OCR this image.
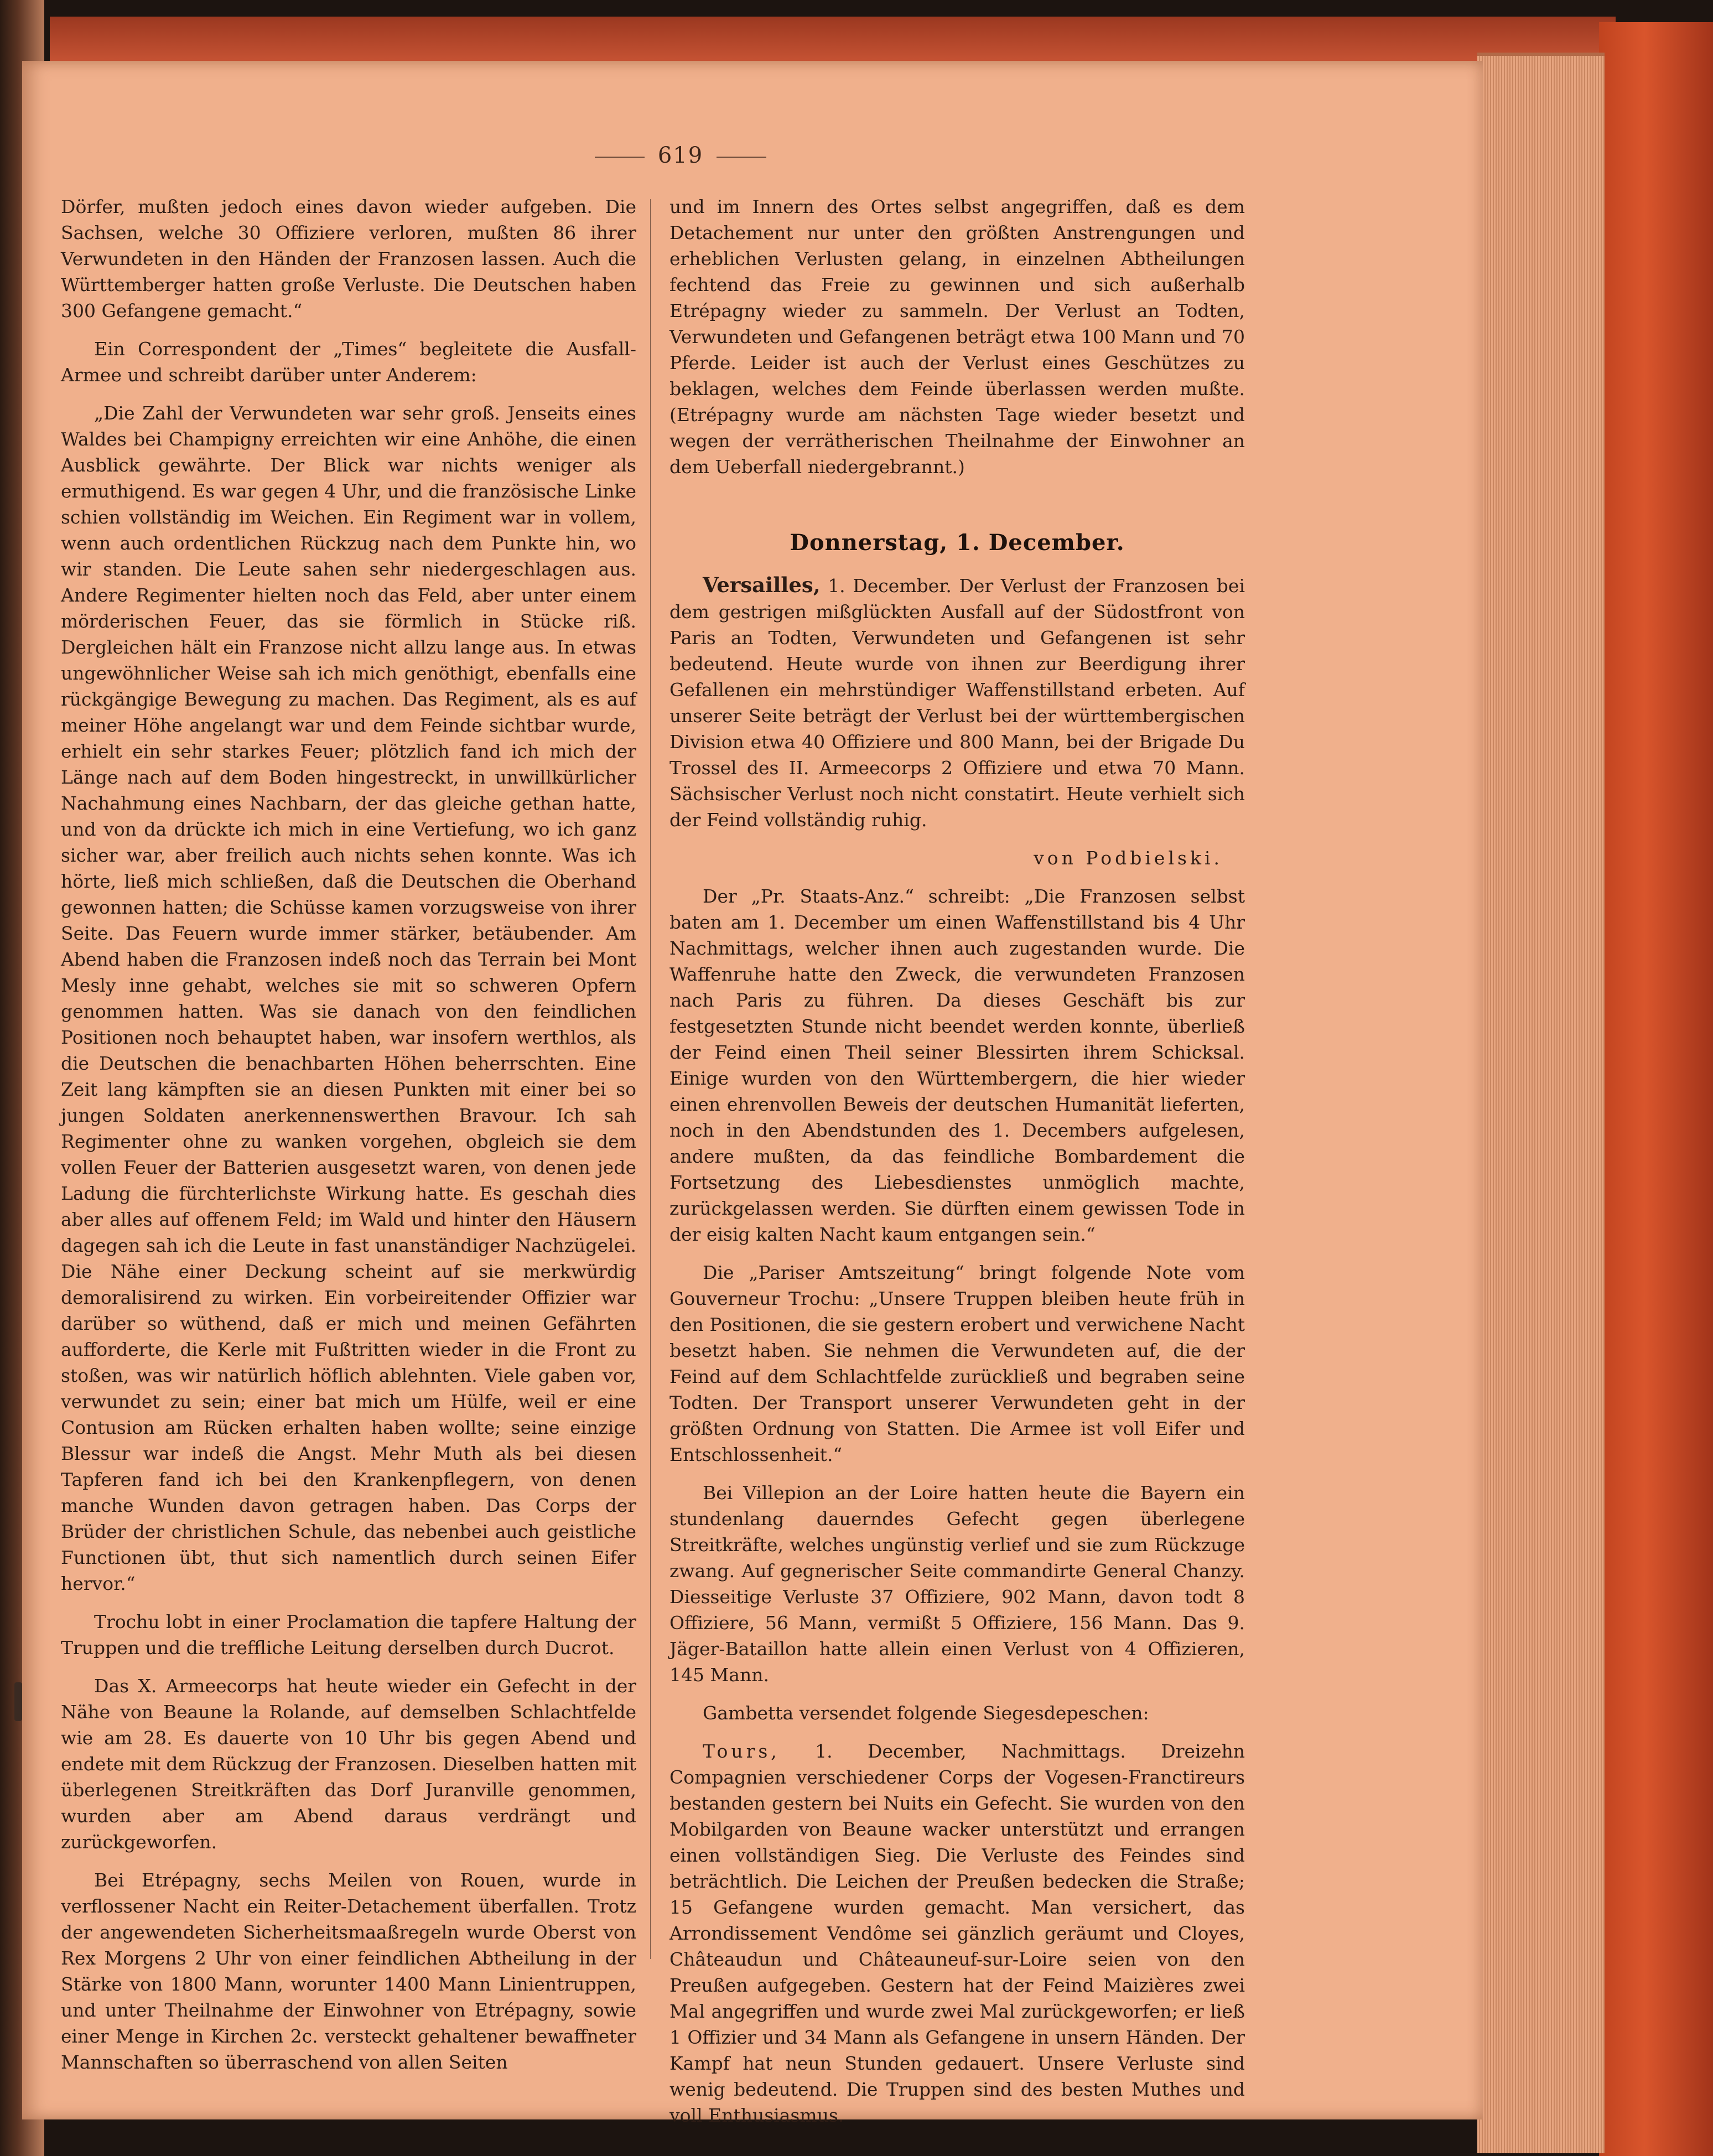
619

Dörfer, mußten jedoch eines davon wieder aufgeben. Die Sachsen, welche 30 Offiziere verloren, mußten 86 ihrer Verwundeten in den Händen der Franzosen lassen. Auch die Württemberger hatten große Verluste. Die Deutschen haben 300 Gefangene gemacht.“

Ein Correspondent der „Times“ begleitete die Ausfall-Armee und schreibt darüber unter Anderem:

„Die Zahl der Verwundeten war sehr groß. Jenseits eines Waldes bei Champigny erreichten wir eine Anhöhe, die einen Ausblick gewährte. Der Blick war nichts weniger als ermuthigend. Es war gegen 4 Uhr, und die französische Linke schien vollständig im Weichen. Ein Regiment war in vollem, wenn auch ordentlichen Rückzug nach dem Punkte hin, wo wir standen. Die Leute sahen sehr niedergeschlagen aus. Andere Regimenter hielten noch das Feld, aber unter einem mörderischen Feuer, das sie förmlich in Stücke riß. Dergleichen hält ein Franzose nicht allzu lange aus. In etwas ungewöhnlicher Weise sah ich mich genöthigt, ebenfalls eine rückgängige Bewegung zu machen. Das Regiment, als es auf meiner Höhe angelangt war und dem Feinde sichtbar wurde, erhielt ein sehr starkes Feuer; plötzlich fand ich mich der Länge nach auf dem Boden hingestreckt, in unwillkürlicher Nachahmung eines Nachbarn, der das gleiche gethan hatte, und von da drückte ich mich in eine Vertiefung, wo ich ganz sicher war, aber freilich auch nichts sehen konnte. Was ich hörte, ließ mich schließen, daß die Deutschen die Oberhand gewonnen hatten; die Schüsse kamen vorzugsweise von ihrer Seite. Das Feuern wurde immer stärker, betäubender. Am Abend haben die Franzosen indeß noch das Terrain bei Mont Mesly inne gehabt, welches sie mit so schweren Opfern genommen hatten. Was sie danach von den feindlichen Positionen noch behauptet haben, war insofern werthlos, als die Deutschen die benachbarten Höhen beherrschten. Eine Zeit lang kämpften sie an diesen Punkten mit einer bei so jungen Soldaten anerkennenswerthen Bravour. Ich sah Regimenter ohne zu wanken vorgehen, obgleich sie dem vollen Feuer der Batterien ausgesetzt waren, von denen jede Ladung die fürchterlichste Wirkung hatte. Es geschah dies aber alles auf offenem Feld; im Wald und hinter den Häusern dagegen sah ich die Leute in fast unanständiger Nachzügelei. Die Nähe einer Deckung scheint auf sie merkwürdig demoralisirend zu wirken. Ein vorbeireitender Offizier war darüber so wüthend, daß er mich und meinen Gefährten aufforderte, die Kerle mit Fußtritten wieder in die Front zu stoßen, was wir natürlich höflich ablehnten. Viele gaben vor, verwundet zu sein; einer bat mich um Hülfe, weil er eine Contusion am Rücken erhalten haben wollte; seine einzige Blessur war indeß die Angst. Mehr Muth als bei diesen Tapferen fand ich bei den Krankenpflegern, von denen manche Wunden davon getragen haben. Das Corps der Brüder der christlichen Schule, das nebenbei auch geistliche Functionen übt, thut sich namentlich durch seinen Eifer hervor.“

Trochu lobt in einer Proclamation die tapfere Haltung der Truppen und die treffliche Leitung derselben durch Ducrot.

Das X. Armeecorps hat heute wieder ein Gefecht in der Nähe von Beaune la Rolande, auf demselben Schlachtfelde wie am 28. Es dauerte von 10 Uhr bis gegen Abend und endete mit dem Rückzug der Franzosen. Dieselben hatten mit überlegenen Streitkräften das Dorf Juranville genommen, wurden aber am Abend daraus verdrängt und zurückgeworfen.

Bei Etrépagny, sechs Meilen von Rouen, wurde in verflossener Nacht ein Reiter-Detachement überfallen. Trotz der angewendeten Sicherheitsmaaßregeln wurde Oberst von Rex Morgens 2 Uhr von einer feindlichen Abtheilung in der Stärke von 1800 Mann, worunter 1400 Mann Linientruppen, und unter Theilnahme der Einwohner von Etrépagny, sowie einer Menge in Kirchen 2c. versteckt gehaltener bewaffneter Mannschaften so überraschend von allen Seiten

und im Innern des Ortes selbst angegriffen, daß es dem Detachement nur unter den größten Anstrengungen und erheblichen Verlusten gelang, in einzelnen Abtheilungen fechtend das Freie zu gewinnen und sich außerhalb Etrépagny wieder zu sammeln. Der Verlust an Todten, Verwundeten und Gefangenen beträgt etwa 100 Mann und 70 Pferde. Leider ist auch der Verlust eines Geschützes zu beklagen, welches dem Feinde überlassen werden mußte. (Etrépagny wurde am nächsten Tage wieder besetzt und wegen der verrätherischen Theilnahme der Einwohner an dem Ueberfall niedergebrannt.)

Donnerstag, 1. December.

Versailles, 1. December. Der Verlust der Franzosen bei dem gestrigen mißglückten Ausfall auf der Südostfront von Paris an Todten, Verwundeten und Gefangenen ist sehr bedeutend. Heute wurde von ihnen zur Beerdigung ihrer Gefallenen ein mehrstündiger Waffenstillstand erbeten. Auf unserer Seite beträgt der Verlust bei der württembergischen Division etwa 40 Offiziere und 800 Mann, bei der Brigade Du Trossel des II. Armeecorps 2 Offiziere und etwa 70 Mann. Sächsischer Verlust noch nicht constatirt. Heute verhielt sich der Feind vollständig ruhig.

von Podbielski.

Der „Pr. Staats-Anz.“ schreibt: „Die Franzosen selbst baten am 1. December um einen Waffenstillstand bis 4 Uhr Nachmittags, welcher ihnen auch zugestanden wurde. Die Waffenruhe hatte den Zweck, die verwundeten Franzosen nach Paris zu führen. Da dieses Geschäft bis zur festgesetzten Stunde nicht beendet werden konnte, überließ der Feind einen Theil seiner Blessirten ihrem Schicksal. Einige wurden von den Württembergern, die hier wieder einen ehrenvollen Beweis der deutschen Humanität lieferten, noch in den Abendstunden des 1. Decembers aufgelesen, andere mußten, da das feindliche Bombardement die Fortsetzung des Liebesdienstes unmöglich machte, zurückgelassen werden. Sie dürften einem gewissen Tode in der eisig kalten Nacht kaum entgangen sein.“

Die „Pariser Amtszeitung“ bringt folgende Note vom Gouverneur Trochu: „Unsere Truppen bleiben heute früh in den Positionen, die sie gestern erobert und verwichene Nacht besetzt haben. Sie nehmen die Verwundeten auf, die der Feind auf dem Schlachtfelde zurückließ und begraben seine Todten. Der Transport unserer Verwundeten geht in der größten Ordnung von Statten. Die Armee ist voll Eifer und Entschlossenheit.“

Bei Villepion an der Loire hatten heute die Bayern ein stundenlang dauerndes Gefecht gegen überlegene Streitkräfte, welches ungünstig verlief und sie zum Rückzuge zwang. Auf gegnerischer Seite commandirte General Chanzy. Diesseitige Verluste 37 Offiziere, 902 Mann, davon todt 8 Offiziere, 56 Mann, vermißt 5 Offiziere, 156 Mann. Das 9. Jäger-Bataillon hatte allein einen Verlust von 4 Offizieren, 145 Mann.

Gambetta versendet folgende Siegesdepeschen:

Tours, 1. December, Nachmittags. Dreizehn Compagnien verschiedener Corps der Vogesen-Franctireurs bestanden gestern bei Nuits ein Gefecht. Sie wurden von den Mobilgarden von Beaune wacker unterstützt und errangen einen vollständigen Sieg. Die Verluste des Feindes sind beträchtlich. Die Leichen der Preußen bedecken die Straße; 15 Gefangene wurden gemacht. Man versichert, das Arrondissement Vendôme sei gänzlich geräumt und Cloyes, Châteaudun und Châteauneuf-sur-Loire seien von den Preußen aufgegeben. Gestern hat der Feind Maizières zwei Mal angegriffen und wurde zwei Mal zurückgeworfen; er ließ 1 Offizier und 34 Mann als Gefangene in unsern Händen. Der Kampf hat neun Stunden gedauert. Unsere Verluste sind wenig bedeutend. Die Truppen sind des besten Muthes und voll Enthusiasmus.
